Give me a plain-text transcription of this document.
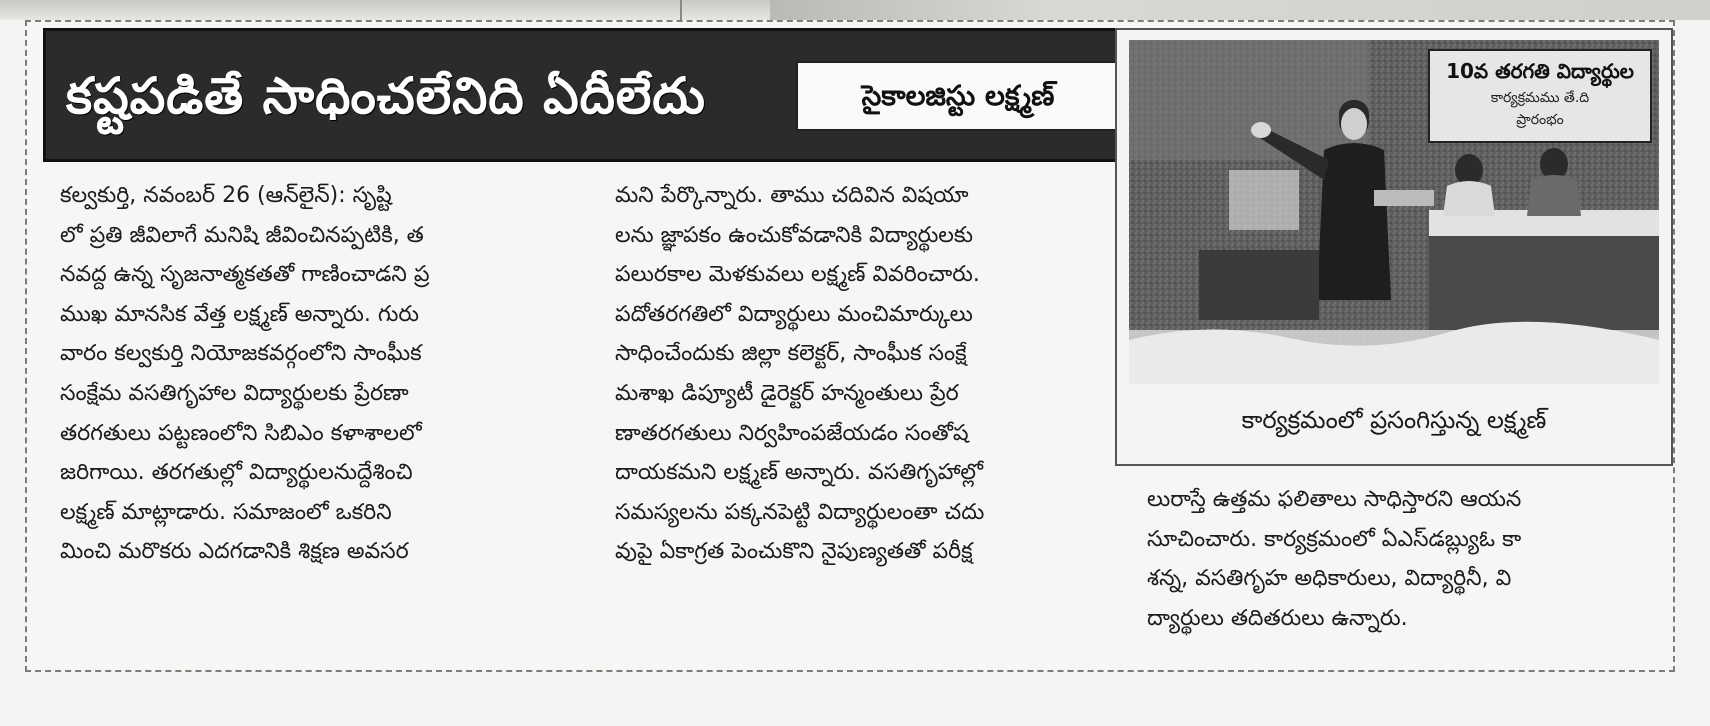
కష్టపడితే సాధించలేనిది ఏదీలేదు	సైకాలజిస్టు లక్ష్మణ్
కల్వకుర్తి, నవంబర్ 26 (ఆన్‌లైన్): సృష్టి
లో ప్రతి జీవిలాగే మనిషి జీవించినప్పటికి, త
నవద్ద ఉన్న సృజనాత్మకతతో గాణించాడని ప్ర
ముఖ మానసిక వేత్త లక్ష్మణ్ అన్నారు. గురు
వారం కల్వకుర్తి నియోజకవర్గంలోని సాంఘీక
సంక్షేమ వసతిగృహాల విద్యార్థులకు ప్రేరణా
తరగతులు పట్టణంలోని సిబిఎం కళాశాలలో
జరిగాయి. తరగతుల్లో విద్యార్థులనుద్దేశించి
లక్ష్మణ్ మాట్లాడారు. సమాజంలో ఒకరిని
మించి మరొకరు ఎదగడానికి శిక్షణ అవసర
మని పేర్కొన్నారు. తాము చదివిన విషయా
లను జ్ఞాపకం ఉంచుకోవడానికి విద్యార్థులకు
పలురకాల మెళకువలు లక్ష్మణ్ వివరించారు.
పదోతరగతిలో విద్యార్థులు మంచిమార్కులు
సాధించేందుకు జిల్లా కలెక్టర్, సాంఘీక సంక్షే
మశాఖ డిప్యూటీ డైరెక్టర్ హన్మంతులు ప్రేర
ణాతరగతులు నిర్వహింపజేయడం సంతోష
దాయకమని లక్ష్మణ్ అన్నారు. వసతిగృహాల్లో
సమస్యలను పక్కనపెట్టి విద్యార్థులంతా చదు
వుపై ఏకాగ్రత పెంచుకొని నైపుణ్యతతో పరీక్ష
10వ తరగతి విద్యార్థుల
కార్యక్రమము తే.ది
ప్రారంభం
కార్యక్రమంలో ప్రసంగిస్తున్న లక్ష్మణ్
లురాస్తే ఉత్తమ ఫలితాలు సాధిస్తారని ఆయన
సూచించారు. కార్యక్రమంలో ఏఎస్‌డబ్ల్యుఓ కా
శన్న, వసతిగృహ అధికారులు, విద్యార్థినీ, వి
ద్యార్థులు తదితరులు ఉన్నారు.
